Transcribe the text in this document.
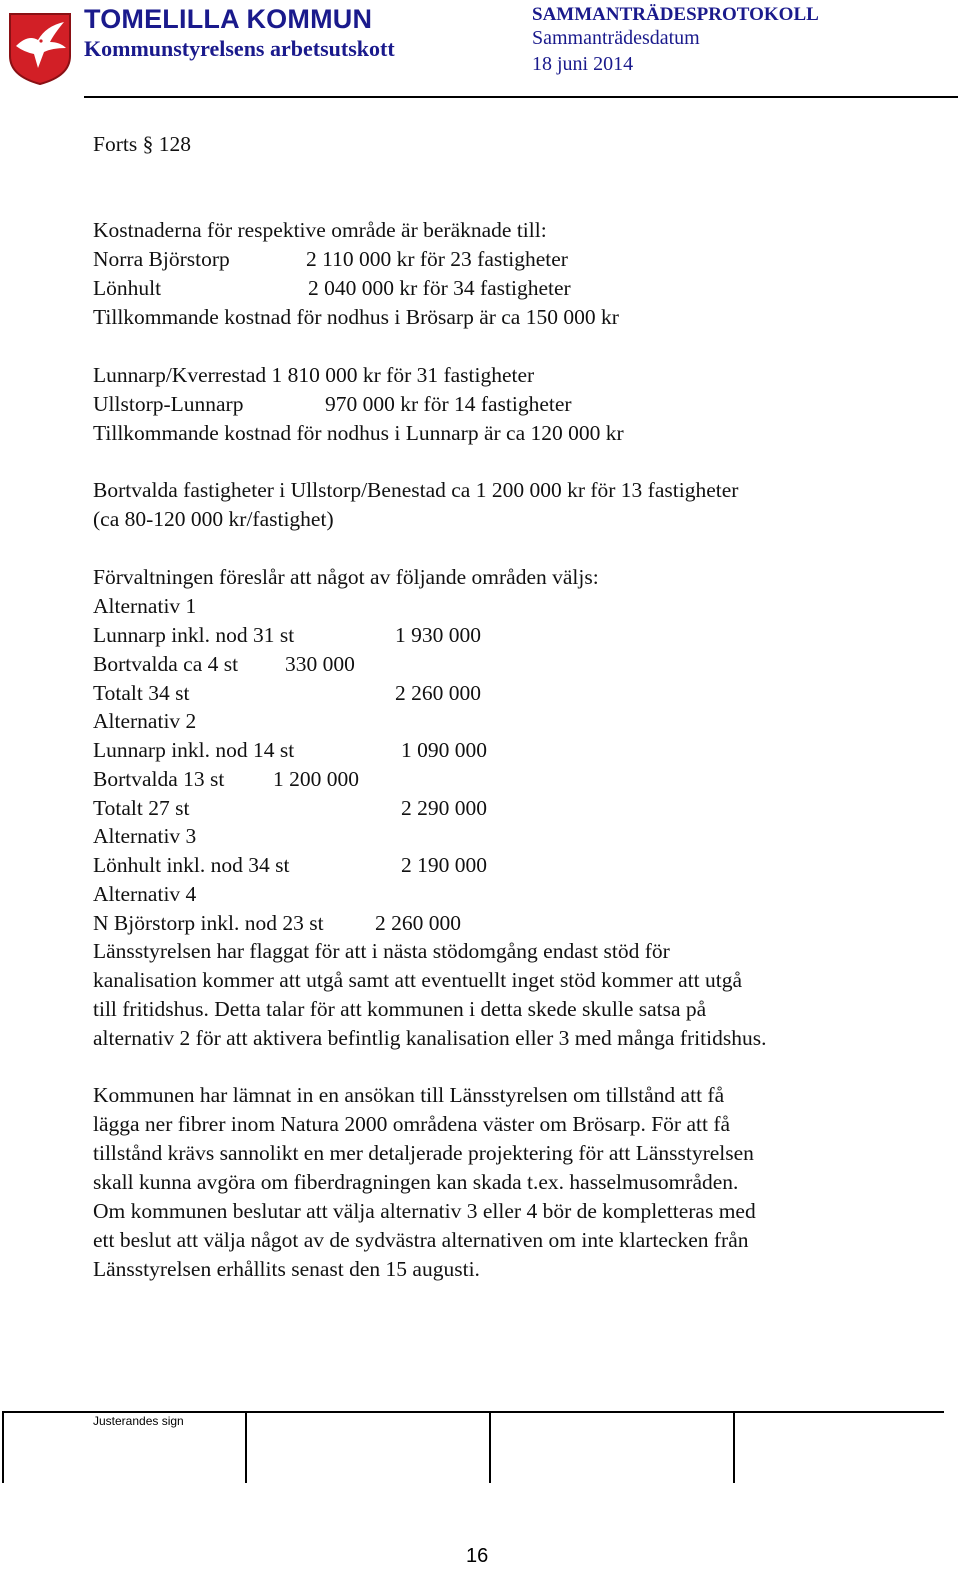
TOMELILLA KOMMUN
Kommunstyrelsens arbetsutskott
SAMMANTRÄDESPROTOKOLL
Sammanträdesdatum
18 juni 2014
Forts § 128
Kostnaderna för respektive område är beräknade till:
Norra Björstorp	2 110 000 kr för 23 fastigheter
Lönhult	2 040 000 kr för 34 fastigheter
Tillkommande kostnad för nodhus i Brösarp är ca 150 000 kr
Lunnarp/Kverrestad 1 810 000 kr för 31 fastigheter
Ullstorp-Lunnarp	970 000 kr för 14 fastigheter
Tillkommande kostnad för nodhus i Lunnarp är ca 120 000 kr
Bortvalda fastigheter i Ullstorp/Benestad ca 1 200 000 kr för 13 fastigheter
(ca 80-120 000 kr/fastighet)
Förvaltningen föreslår att något av följande områden väljs:
Alternativ 1
Lunnarp inkl. nod 31 st	1 930 000
Bortvalda ca 4 st 330 000
Totalt 34 st	2 260 000
Alternativ 2
Lunnarp inkl. nod 14 st	1 090 000
Bortvalda 13 st 1 200 000
Totalt 27 st	2 290 000
Alternativ 3
Lönhult inkl. nod 34 st	2 190 000
Alternativ 4
N Björstorp inkl. nod 23 st 2 260 000
Länsstyrelsen har flaggat för att i nästa stödomgång endast stöd för
kanalisation kommer att utgå samt att eventuellt inget stöd kommer att utgå
till fritidshus. Detta talar för att kommunen i detta skede skulle satsa på
alternativ 2 för att aktivera befintlig kanalisation eller 3 med många fritidshus.
Kommunen har lämnat in en ansökan till Länsstyrelsen om tillstånd att få
lägga ner fibrer inom Natura 2000 områdena väster om Brösarp. För att få
tillstånd krävs sannolikt en mer detaljerade projektering för att Länsstyrelsen
skall kunna avgöra om fiberdragningen kan skada t.ex. hasselmusområden.
Om kommunen beslutar att välja alternativ 3 eller 4 bör de kompletteras med
ett beslut att välja något av de sydvästra alternativen om inte klartecken från
Länsstyrelsen erhållits senast den 15 augusti.
Justerandes sign
16
